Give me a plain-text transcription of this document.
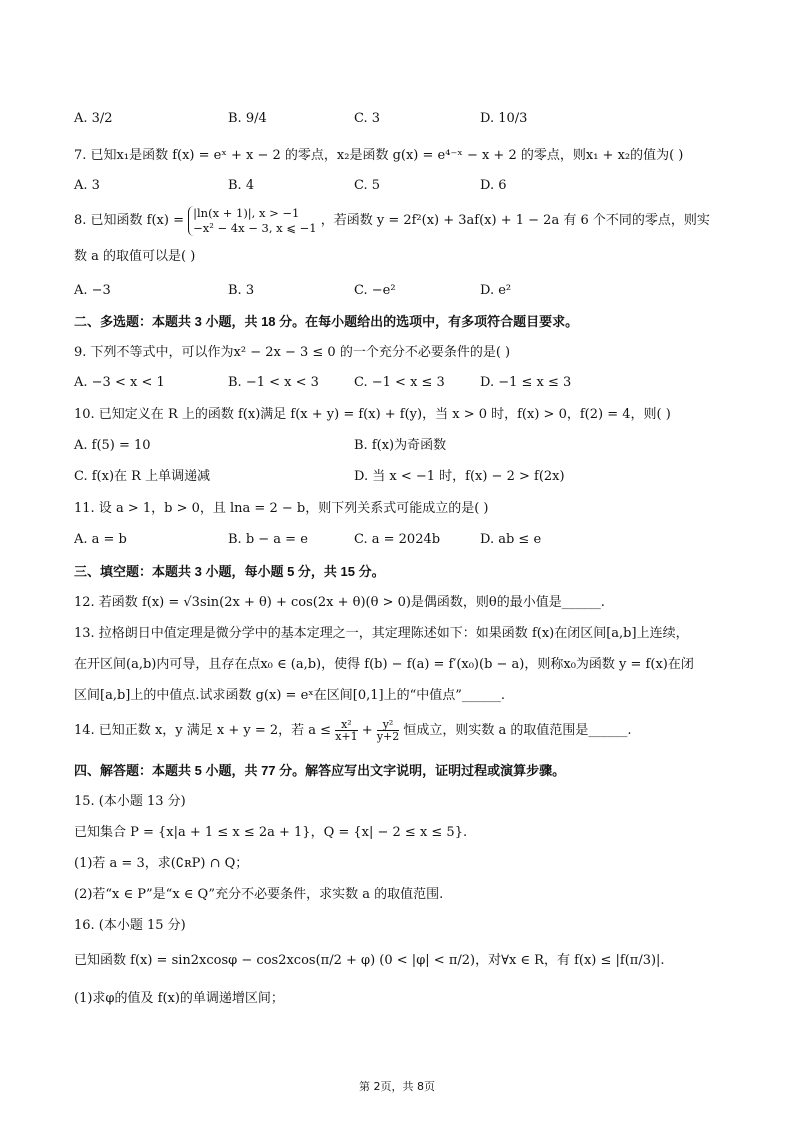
A. 3/2	B. 9/4	C. 3	D. 10/3
7. 已知x₁是函数 f(x) = eˣ + x − 2 的零点，x₂是函数 g(x) = e⁴⁻ˣ − x + 2 的零点，则x₁ + x₂的值为( )
A. 3	B. 4	C. 5	D. 6
8. 已知函数 f(x) =
|ln(x + 1)|, x > −1
−x² − 4x − 3, x ⩽ −1 ，若函数 y = 2f²(x) + 3af(x) + 1 − 2a 有 6 个不同的零点，则实
数 a 的取值可以是( )
A. −3	B. 3	C. −e²	D. e²
二、多选题：本题共 3 小题，共 18 分。在每小题给出的选项中，有多项符合题目要求。
9. 下列不等式中，可以作为x² − 2x − 3 ≤ 0 的一个充分不必要条件的是( )
A. −3 < x < 1	B. −1 < x < 3	C. −1 < x ≤ 3	D. −1 ≤ x ≤ 3
10. 已知定义在 R 上的函数 f(x)满足 f(x + y) = f(x) + f(y)，当 x > 0 时，f(x) > 0，f(2) = 4，则( )
A. f(5) = 10	B. f(x)为奇函数
C. f(x)在 R 上单调递减	D. 当 x < −1 时，f(x) − 2 > f(2x)
11. 设 a > 1，b > 0，且 lna = 2 − b，则下列关系式可能成立的是( )
A. a = b	B. b − a = e	C. a = 2024b	D. ab ≤ e
三、填空题：本题共 3 小题，每小题 5 分，共 15 分。
12. 若函数 f(x) = √3sin(2x + θ) + cos(2x + θ)(θ > 0)是偶函数，则θ的最小值是______.
13. 拉格朗日中值定理是微分学中的基本定理之一，其定理陈述如下：如果函数 f(x)在闭区间[a,b]上连续，
在开区间(a,b)内可导，且存在点x₀ ∈ (a,b)，使得 f(b) − f(a) = f′(x₀)(b − a)，则称x₀为函数 y = f(x)在闭
区间[a,b]上的中值点.试求函数 g(x) = eˣ在区间[0,1]上的“中值点”______.
14. 已知正数 x，y 满足 x + y = 2，若 $a \le \frac{\text{x²}}{x+1} + \frac{\text{y²}}{y+2}$ 恒成立，则实数 a 的取值范围是______.
四、解答题：本题共 5 小题，共 77 分。解答应写出文字说明，证明过程或演算步骤。
15. (本小题 13 分)
已知集合 P = {x|a + 1 ≤ x ≤ 2a + 1}，Q = {x| − 2 ≤ x ≤ 5}.
(1)若 a = 3，求(∁ʀP) ∩ Q；
(2)若“x ∈ P”是“x ∈ Q”充分不必要条件，求实数 a 的取值范围.
16. (本小题 15 分)
已知函数 f(x) = sin2xcosφ − cos2xcos(π/2 + φ) (0 < |φ| < π/2)，对∀x ∈ R，有 f(x) ≤ |f(π/3)|.
(1)求φ的值及 f(x)的单调递增区间；
第 2页，共 8页
